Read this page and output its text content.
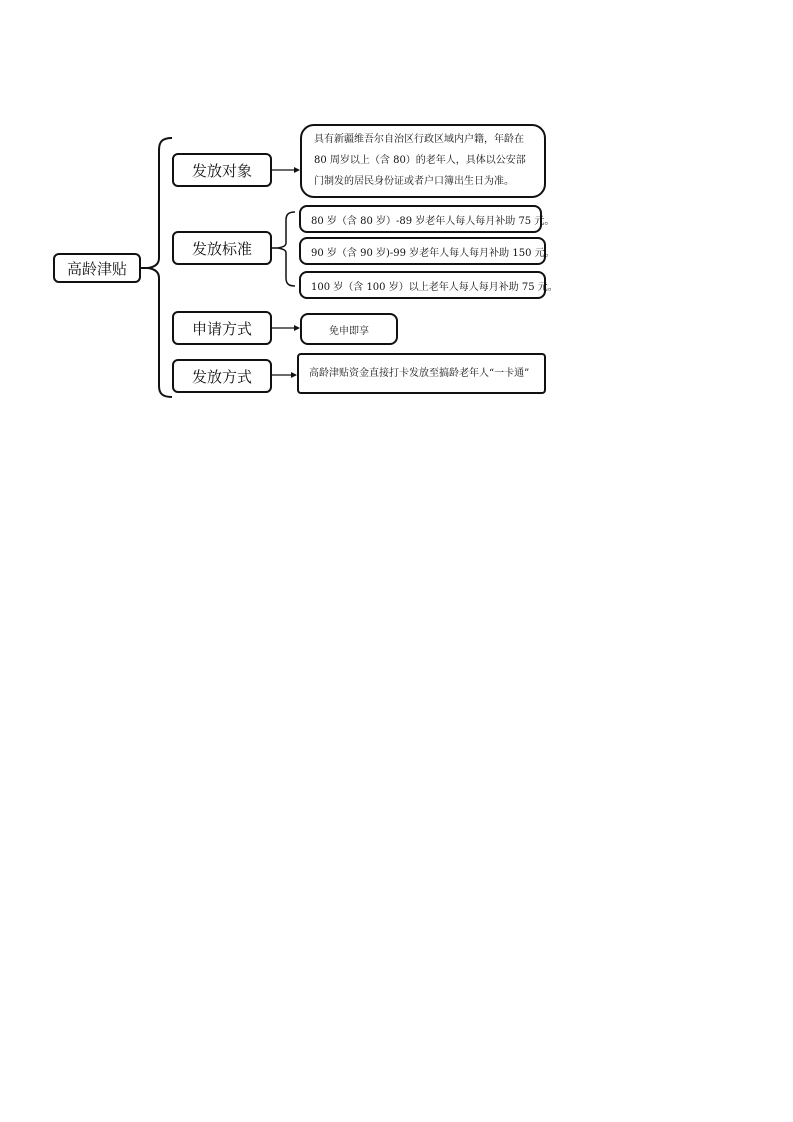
高龄津贴
发放对象
发放标准
申请方式
发放方式
具有新疆维吾尔自治区行政区域内户籍，年龄在 80 周岁以上（含 80）的老年人，具体以公安部门制发的居民身份证或者户口簿出生日为准。
80 岁（含 80 岁）-89 岁老年人每人每月补助 75 元。
90 岁（含 90 岁)-99 岁老年人每人每月补助 150 元。
100 岁（含 100 岁）以上老年人每人每月补助 75 元。
免申即享
高龄津贴资金直接打卡发放至搞龄老年人“一卡通”
